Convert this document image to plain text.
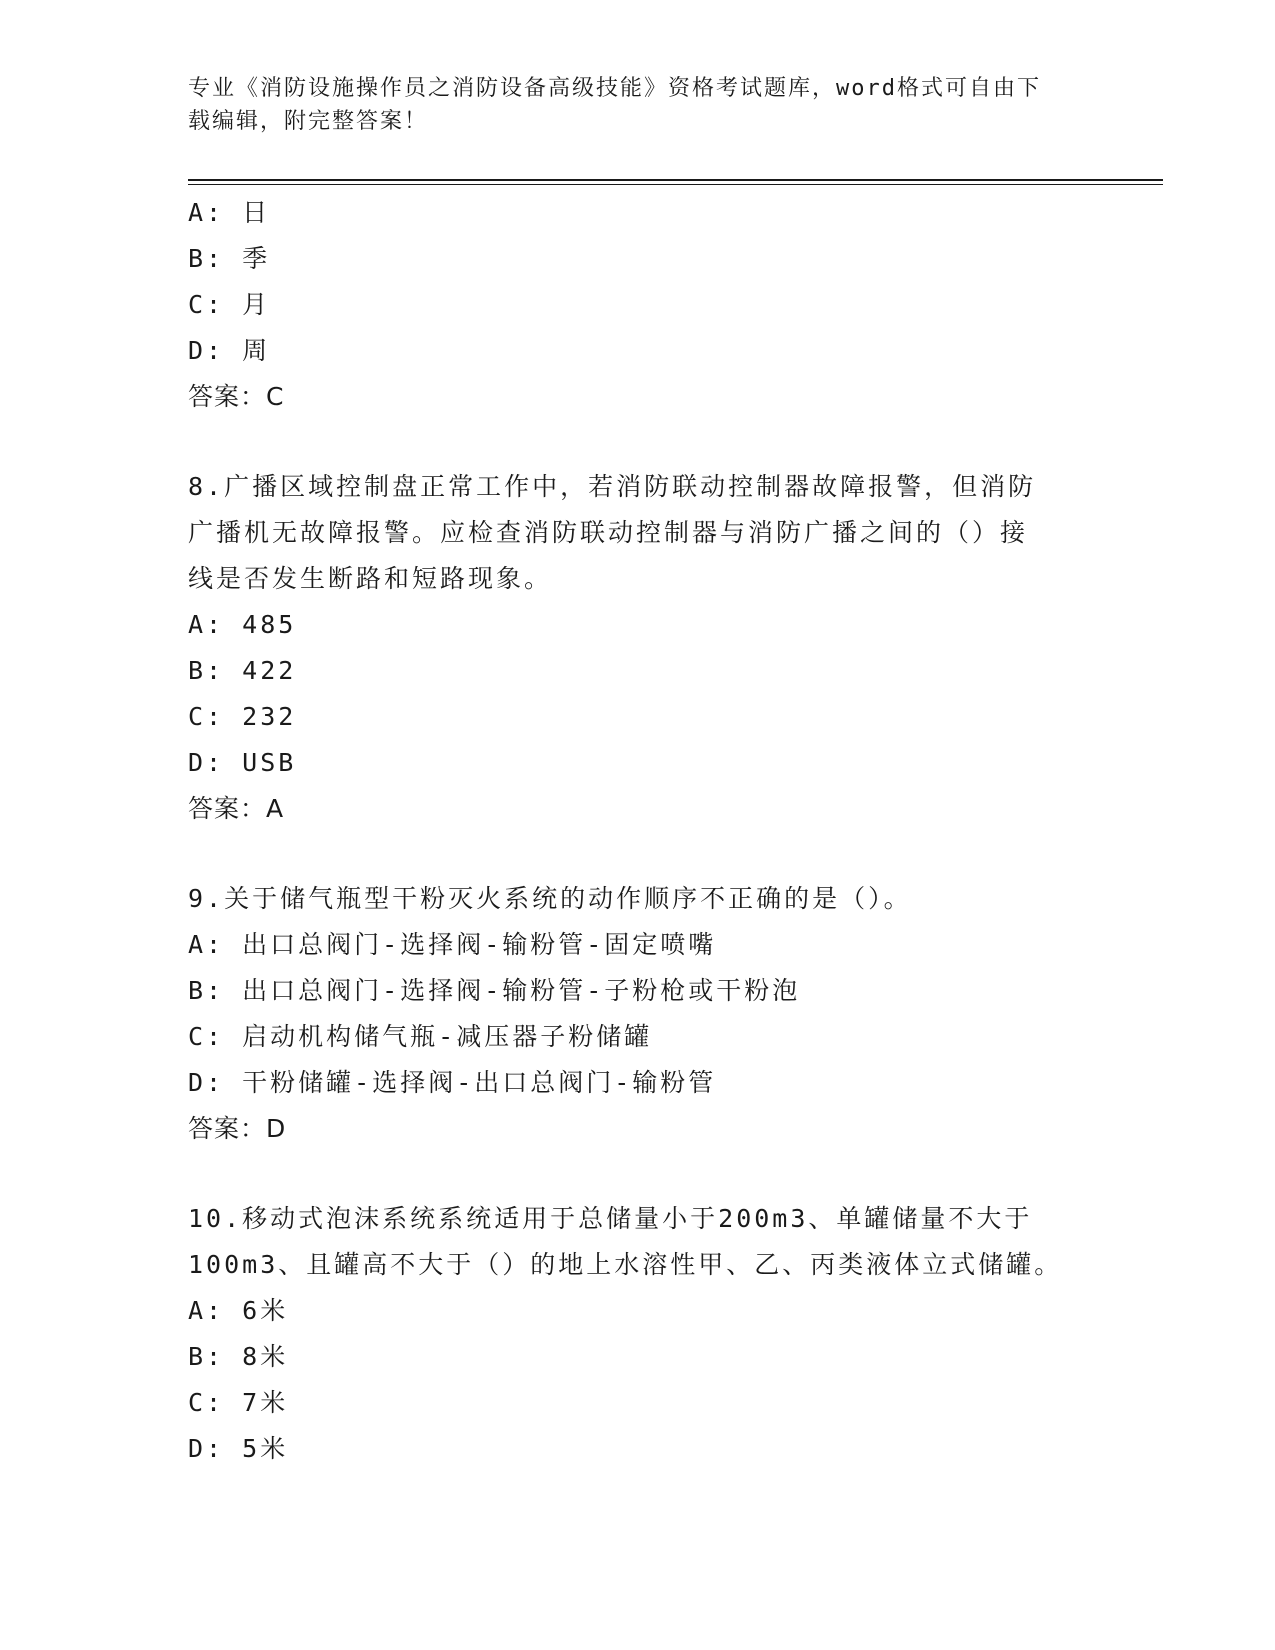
专业《消防设施操作员之消防设备高级技能》资格考试题库，word格式可自由下
载编辑，附完整答案！
A: 日
B: 季
C: 月
D: 周
答案：C
8.广播区域控制盘正常工作中，若消防联动控制器故障报警，但消防
广播机无故障报警。应检查消防联动控制器与消防广播之间的（）接
线是否发生断路和短路现象。
A: 485
B: 422
C: 232
D: USB
答案：A
9.关于储气瓶型干粉灭火系统的动作顺序不正确的是（）。
A: 出口总阀门-选择阀-输粉管-固定喷嘴
B: 出口总阀门-选择阀-输粉管-子粉枪或干粉泡
C: 启动机构储气瓶-减压器子粉储罐
D: 干粉储罐-选择阀-出口总阀门-输粉管
答案：D
10.移动式泡沫系统系统适用于总储量小于200m3、单罐储量不大于
100m3、且罐高不大于（）的地上水溶性甲、乙、丙类液体立式储罐。
A: 6米
B: 8米
C: 7米
D: 5米
